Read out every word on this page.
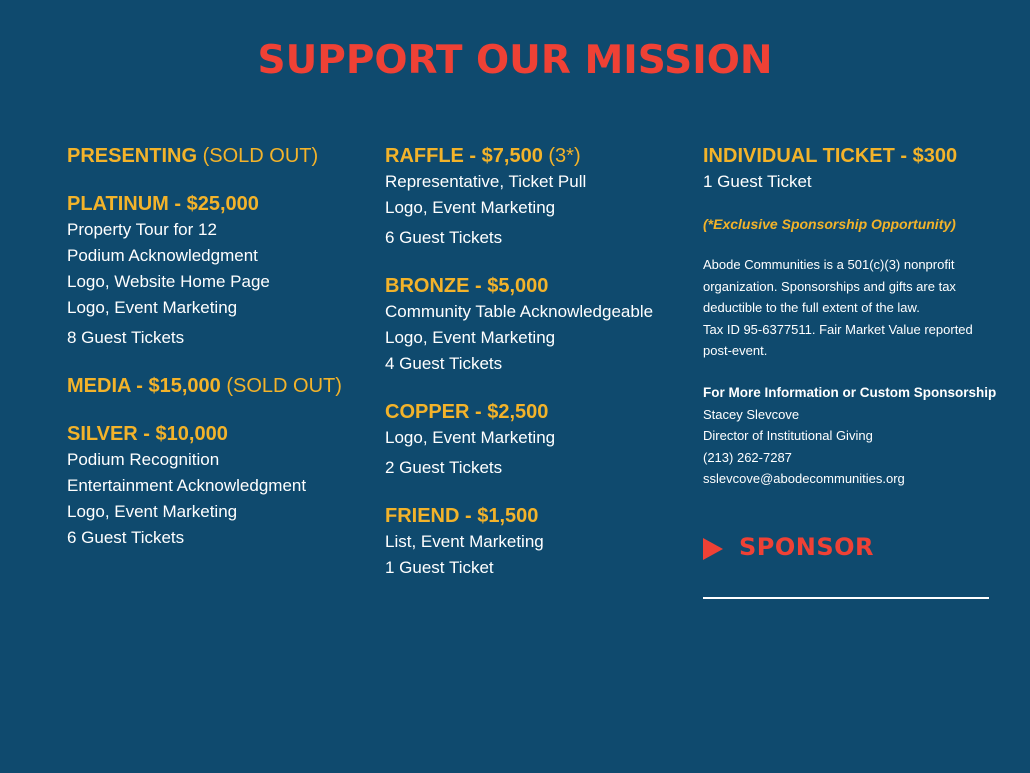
SUPPORT OUR MISSION
PRESENTING (SOLD OUT)
PLATINUM - $25,000
Property Tour for 12
Podium Acknowledgment
Logo, Website Home Page
Logo, Event Marketing
8 Guest Tickets
MEDIA - $15,000 (SOLD OUT)
SILVER - $10,000
Podium Recognition
Entertainment Acknowledgment
Logo, Event Marketing
6 Guest Tickets
RAFFLE - $7,500 (3*)
Representative, Ticket Pull
Logo, Event Marketing
6 Guest Tickets
BRONZE - $5,000
Community Table Acknowledgeable
Logo, Event Marketing
4 Guest Tickets
COPPER - $2,500
Logo, Event Marketing
2 Guest Tickets
FRIEND - $1,500
List, Event Marketing
1 Guest Ticket
INDIVIDUAL TICKET - $300
1 Guest Ticket
(*Exclusive Sponsorship Opportunity)
Abode Communities is a 501(c)(3) nonprofit
organization. Sponsorships and gifts are tax
deductible to the full extent of the law.
Tax ID 95-6377511. Fair Market Value reported
post-event.
For More Information or Custom Sponsorship
Stacey Slevcove
Director of Institutional Giving
(213) 262-7287
sslevcove@abodecommunities.org
SPONSOR
